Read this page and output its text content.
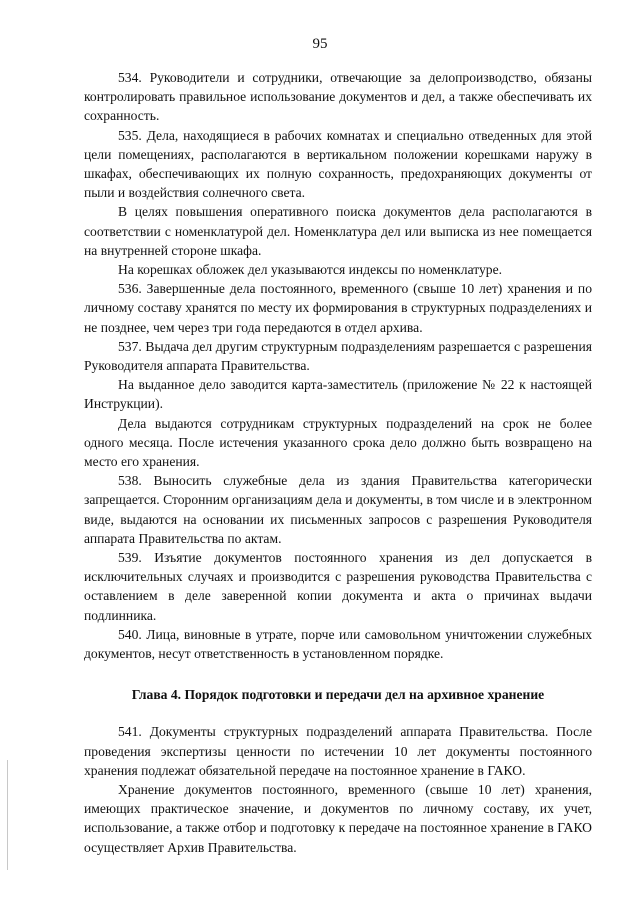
95

534. Руководители и сотрудники, отвечающие за делопроизводство, обязаны контролировать правильное использование документов и дел, а также обеспечивать их сохранность.

535. Дела, находящиеся в рабочих комнатах и специально отведенных для этой цели помещениях, располагаются в вертикальном положении корешками наружу в шкафах, обеспечивающих их полную сохранность, предохраняющих документы от пыли и воздействия солнечного света.

В целях повышения оперативного поиска документов дела располагаются в соответствии с номенклатурой дел. Номенклатура дел или выписка из нее помещается на внутренней стороне шкафа.

На корешках обложек дел указываются индексы по номенклатуре.

536. Завершенные дела постоянного, временного (свыше 10 лет) хранения и по личному составу хранятся по месту их формирования в структурных подразделениях и не позднее, чем через три года передаются в отдел архива.

537. Выдача дел другим структурным подразделениям разрешается с разрешения Руководителя аппарата Правительства.

На выданное дело заводится карта-заместитель (приложение № 22 к настоящей Инструкции).

Дела выдаются сотрудникам структурных подразделений на срок не более одного месяца. После истечения указанного срока дело должно быть возвращено на место его хранения.

538. Выносить служебные дела из здания Правительства категорически запрещается. Сторонним организациям дела и документы, в том числе и в электронном виде, выдаются на основании их письменных запросов с разрешения Руководителя аппарата Правительства по актам.

539. Изъятие документов постоянного хранения из дел допускается в исключительных случаях и производится с разрешения руководства Правительства с оставлением в деле заверенной копии документа и акта о причинах выдачи подлинника.

540. Лица, виновные в утрате, порче или самовольном уничтожении служебных документов, несут ответственность в установленном порядке.

Глава 4. Порядок подготовки и передачи дел на архивное хранение

541. Документы структурных подразделений аппарата Правительства. После проведения экспертизы ценности по истечении 10 лет документы постоянного хранения подлежат обязательной передаче на постоянное хранение в ГАКО.

Хранение документов постоянного, временного (свыше 10 лет) хранения, имеющих практическое значение, и документов по личному составу, их учет, использование, а также отбор и подготовку к передаче на постоянное хранение в ГАКО осуществляет Архив Правительства.
